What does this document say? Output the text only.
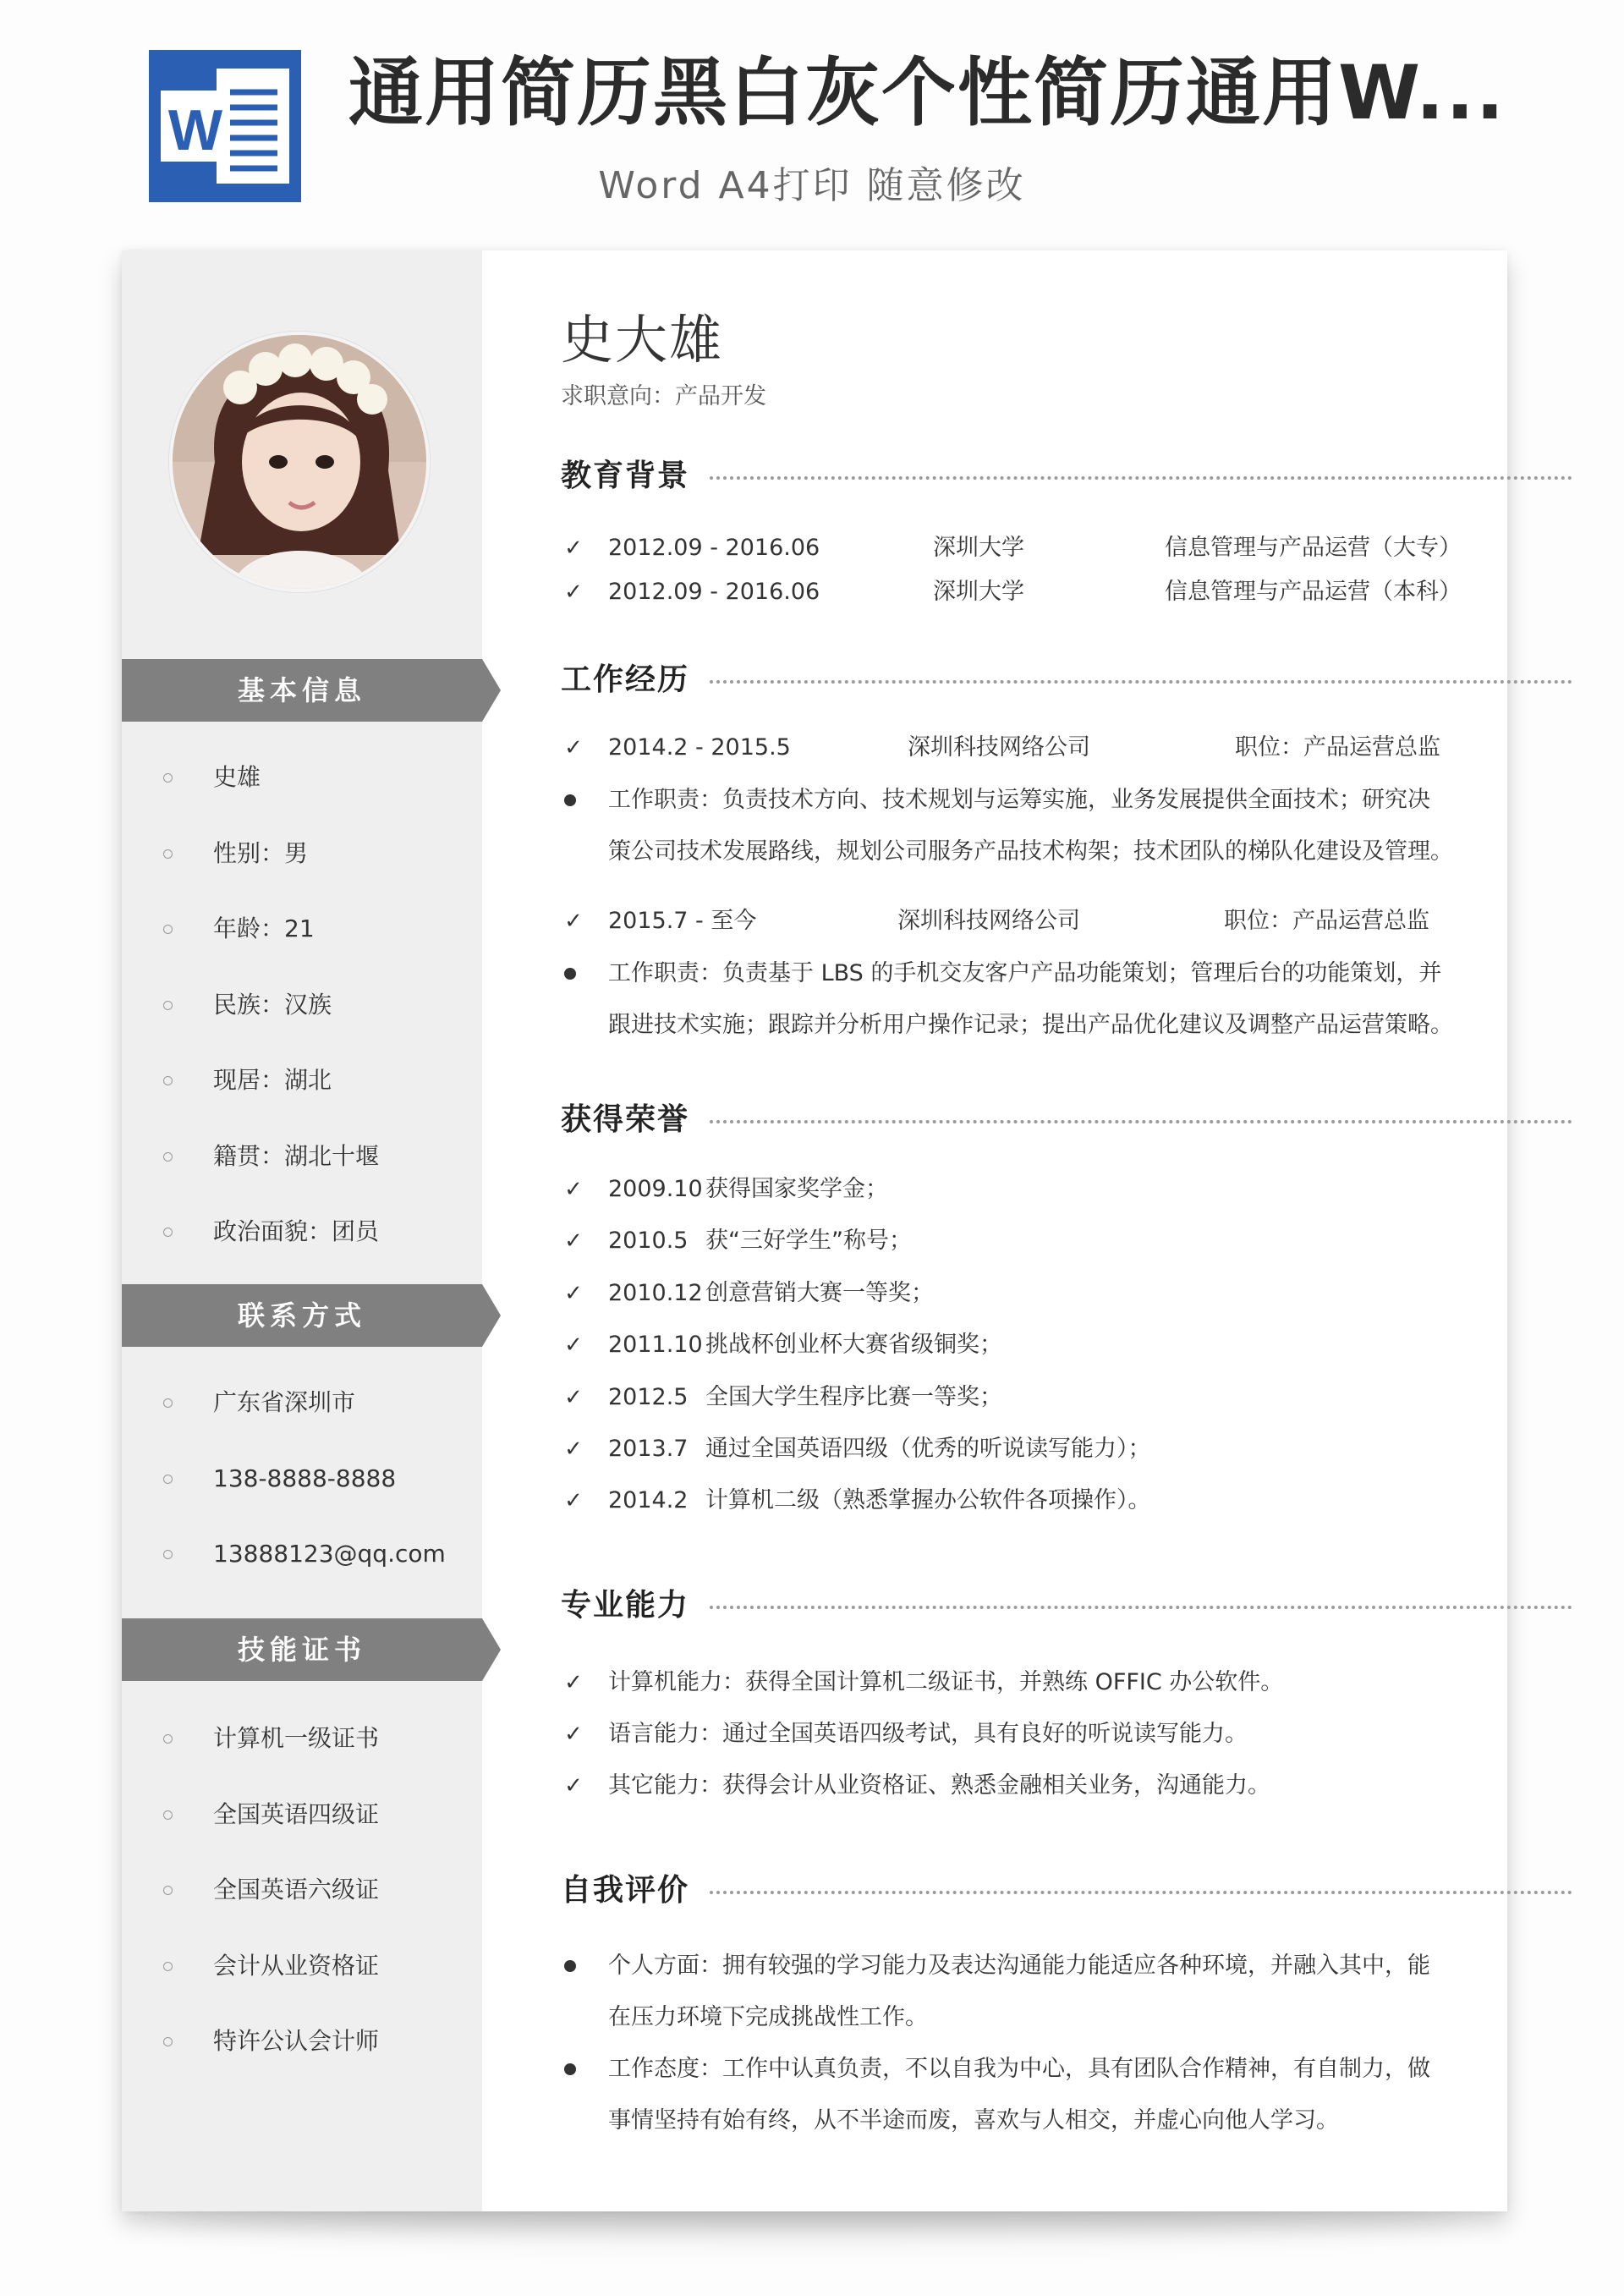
W 通用简历黑白灰个性简历通用W...
Word A4打印 随意修改
基本信息
史雄
性别：男
年龄：21
民族：汉族
现居：湖北
籍贯：湖北十堰
政治面貌：团员
联系方式
广东省深圳市
138-8888-8888
13888123@qq.com
技能证书
计算机一级证书
全国英语四级证
全国英语六级证
会计从业资格证
特许公认会计师
史大雄
求职意向：产品开发
教育背景
✓ 2012.09 - 2016.06	深圳大学	信息管理与产品运营（大专）
✓ 2012.09 - 2016.06	深圳大学	信息管理与产品运营（本科）
工作经历
✓ 2014.2 - 2015.5	深圳科技网络公司	职位：产品运营总监
工作职责：负责技术方向、技术规划与运筹实施，业务发展提供全面技术；研究决
策公司技术发展路线，规划公司服务产品技术构架；技术团队的梯队化建设及管理。
✓ 2015.7 - 至今	深圳科技网络公司	职位：产品运营总监
工作职责：负责基于 LBS 的手机交友客户产品功能策划；管理后台的功能策划，并
跟进技术实施；跟踪并分析用户操作记录；提出产品优化建议及调整产品运营策略。
获得荣誉
✓ 2009.10 获得国家奖学金；
✓ 2010.5 获“三好学生”称号；
✓ 2010.12 创意营销大赛一等奖；
✓ 2011.10 挑战杯创业杯大赛省级铜奖；
✓ 2012.5 全国大学生程序比赛一等奖；
✓ 2013.7 通过全国英语四级（优秀的听说读写能力）；
✓ 2014.2 计算机二级（熟悉掌握办公软件各项操作）。
专业能力
✓ 计算机能力：获得全国计算机二级证书，并熟练 OFFIC 办公软件。
✓ 语言能力：通过全国英语四级考试，具有良好的听说读写能力。
✓ 其它能力：获得会计从业资格证、熟悉金融相关业务，沟通能力。
自我评价
个人方面：拥有较强的学习能力及表达沟通能力能适应各种环境，并融入其中，能
在压力环境下完成挑战性工作。
工作态度：工作中认真负责，不以自我为中心，具有团队合作精神，有自制力，做
事情坚持有始有终，从不半途而废，喜欢与人相交，并虚心向他人学习。
